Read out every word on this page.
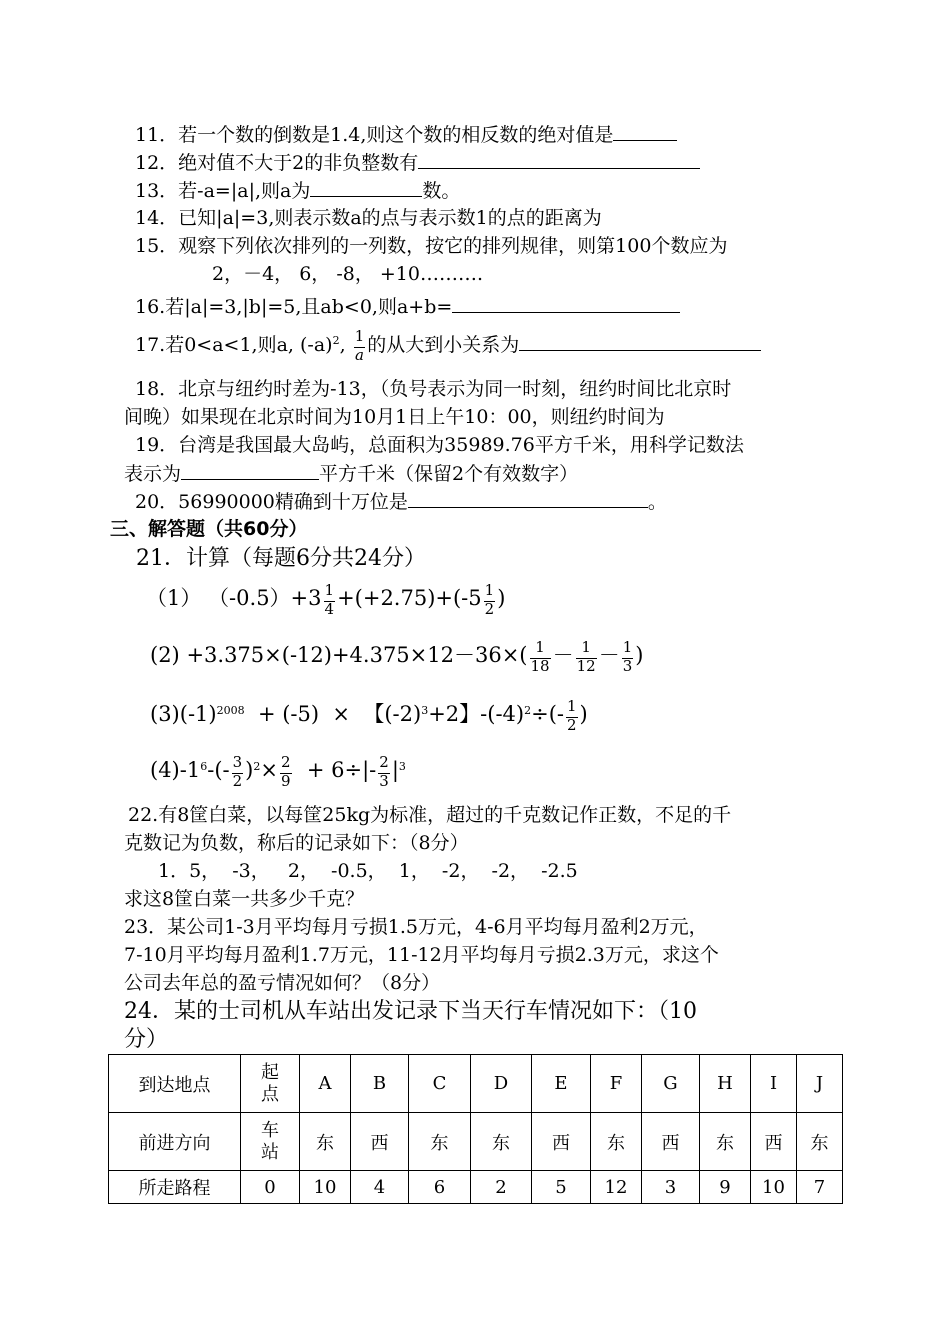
11．若一个数的倒数是1.4,则这个数的相反数的绝对值是
12．绝对值不大于2的非负整数有
13．若-a=|a|,则a为	数。
14．已知|a|=3,则表示数a的点与表示数1的点的距离为
15．观察下列依次排列的一列数，按它的排列规律，则第100个数应为
2，－4， 6， -8， +10……….
16.若|a|=3,|b|=5,且ab<0,则a+b=
17.若0<a<1,则a, $(-a)^2$, $\frac{1}{a}$ 的从大到小关系为
18．北京与纽约时差为-13，（负号表示为同一时刻，纽约时间比北京时
间晚）如果现在北京时间为10月1日上午10：00，则纽约时间为
19．台湾是我国最大岛屿，总面积为35989.76平方千米，用科学记数法
表示为	平方千米（保留2个有效数字）
20．56990000精确到十万位是	。
三、解答题（共60分）
21．计算（每题6分共24分）
（1） $(-0.5)+3 \frac{1}{4} +(+2.75)+(-5 \frac{1}{2}$ )
$(2) +3.375\times(-12)+4.375\times 12-36\times( \frac{1}{18} - \frac{1}{12} - \frac{1}{3}$ )
$(3)(-1)^{2008} + (-5)$  ×  【$(-2)^3+2$】$-(-4)^2\div(- \frac{1}{2}$ )
$(4)-1^6-(- \frac{3}{2} )^2\times \frac{2}{9} + 6\div|- \frac{2}{3} |^3$
22.有8筐白菜，以每筐25kg为标准，超过的千克数记作正数，不足的千
克数记为负数，称后的记录如下：（8分）
1．5，  -3，   2，  -0.5，  1，  -2，  -2，  -2.5
求这8筐白菜一共多少千克？
23．某公司1-3月平均每月亏损1.5万元，4-6月平均每月盈利2万元，
7-10月平均每月盈利1.7万元，11-12月平均每月亏损2.3万元，求这个
公司去年总的盈亏情况如何？（8分）
24．某的士司机从车站出发记录下当天行车情况如下：（10
分）
到达地点	起点	A	B	C	D	E	F	G	H	I	J
前进方向	车站	东	西	东	东	西	东	西	东	西	东
所走路程	0	10	4	6	2	5	12	3	9	10	7
